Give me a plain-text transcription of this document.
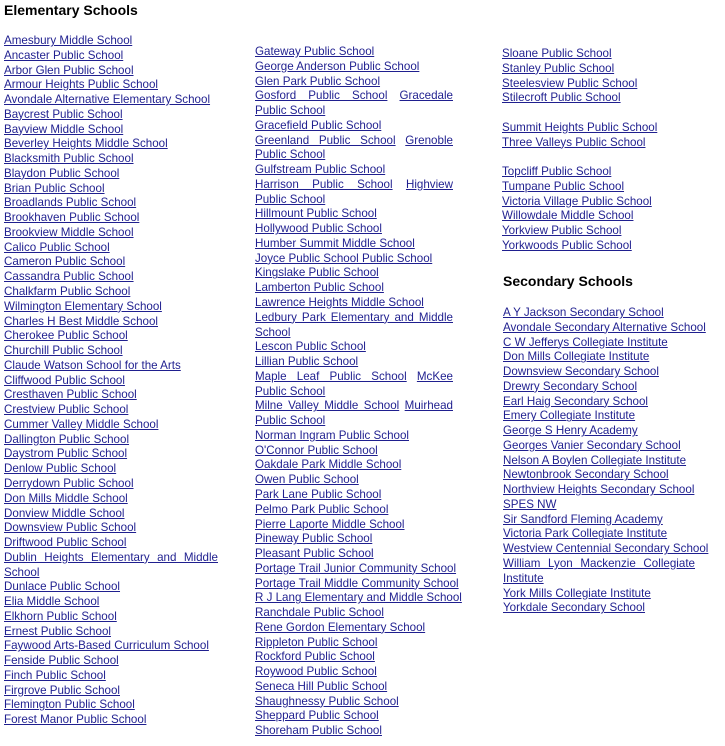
Elementary Schools
Secondary Schools
Amesbury Middle School
Ancaster Public School
Arbor Glen Public School
Armour Heights Public School
Avondale Alternative Elementary School
Baycrest Public School
Bayview Middle School
Beverley Heights Middle School
Blacksmith Public School
Blaydon Public School
Brian Public School
Broadlands Public School
Brookhaven Public School
Brookview Middle School
Calico Public School
Cameron Public School
Cassandra Public School
Chalkfarm Public School
Wilmington Elementary School
Charles H Best Middle School
Cherokee Public School
Churchill Public School
Claude Watson School for the Arts
Cliffwood Public School
Cresthaven Public School
Crestview Public School
Cummer Valley Middle School
Dallington Public School
Daystrom Public School
Denlow Public School
Derrydown Public School
Don Mills Middle School
Donview Middle School
Downsview Public School
Driftwood Public School
Dublin Heights Elementary and Middle School
Dunlace Public School
Elia Middle School
Elkhorn Public School
Ernest Public School
Faywood Arts-Based Curriculum School
Fenside Public School
Finch Public School
Firgrove Public School
Flemington Public School
Forest Manor Public School
Gateway Public School
George Anderson Public School
Glen Park Public School
Gosford Public School Gracedale Public School
Gracefield Public School
Greenland Public School Grenoble Public School
Gulfstream Public School
Harrison Public School Highview Public School
Hillmount Public School
Hollywood Public School
Humber Summit Middle School
Joyce Public School Public School
Kingslake Public School
Lamberton Public School
Lawrence Heights Middle School
Ledbury Park Elementary and Middle School
Lescon Public School
Lillian Public School
Maple Leaf Public School McKee Public School
Milne Valley Middle School Muirhead Public School
Norman Ingram Public School
O'Connor Public School
Oakdale Park Middle School
Owen Public School
Park Lane Public School
Pelmo Park Public School
Pierre Laporte Middle School
Pineway Public School
Pleasant Public School
Portage Trail Junior Community School
Portage Trail Middle Community School
R J Lang Elementary and Middle School
Ranchdale Public School
Rene Gordon Elementary School
Rippleton Public School
Rockford Public School
Roywood Public School
Seneca Hill Public School
Shaughnessy Public School
Sheppard Public School
Shoreham Public School
Sloane Public School
Stanley Public School
Steelesview Public School
Stilecroft Public School
Summit Heights Public School
Three Valleys Public School
Topcliff Public School
Tumpane Public School
Victoria Village Public School
Willowdale Middle School
Yorkview Public School
Yorkwoods Public School
A Y Jackson Secondary School
Avondale Secondary Alternative School
C W Jefferys Collegiate Institute
Don Mills Collegiate Institute
Downsview Secondary School
Drewry Secondary School
Earl Haig Secondary School
Emery Collegiate Institute
George S Henry Academy
Georges Vanier Secondary School
Nelson A Boylen Collegiate Institute
Newtonbrook Secondary School
Northview Heights Secondary School
SPES NW
Sir Sandford Fleming Academy
Victoria Park Collegiate Institute
Westview Centennial Secondary School
William Lyon Mackenzie Collegiate Institute
York Mills Collegiate Institute
Yorkdale Secondary School
